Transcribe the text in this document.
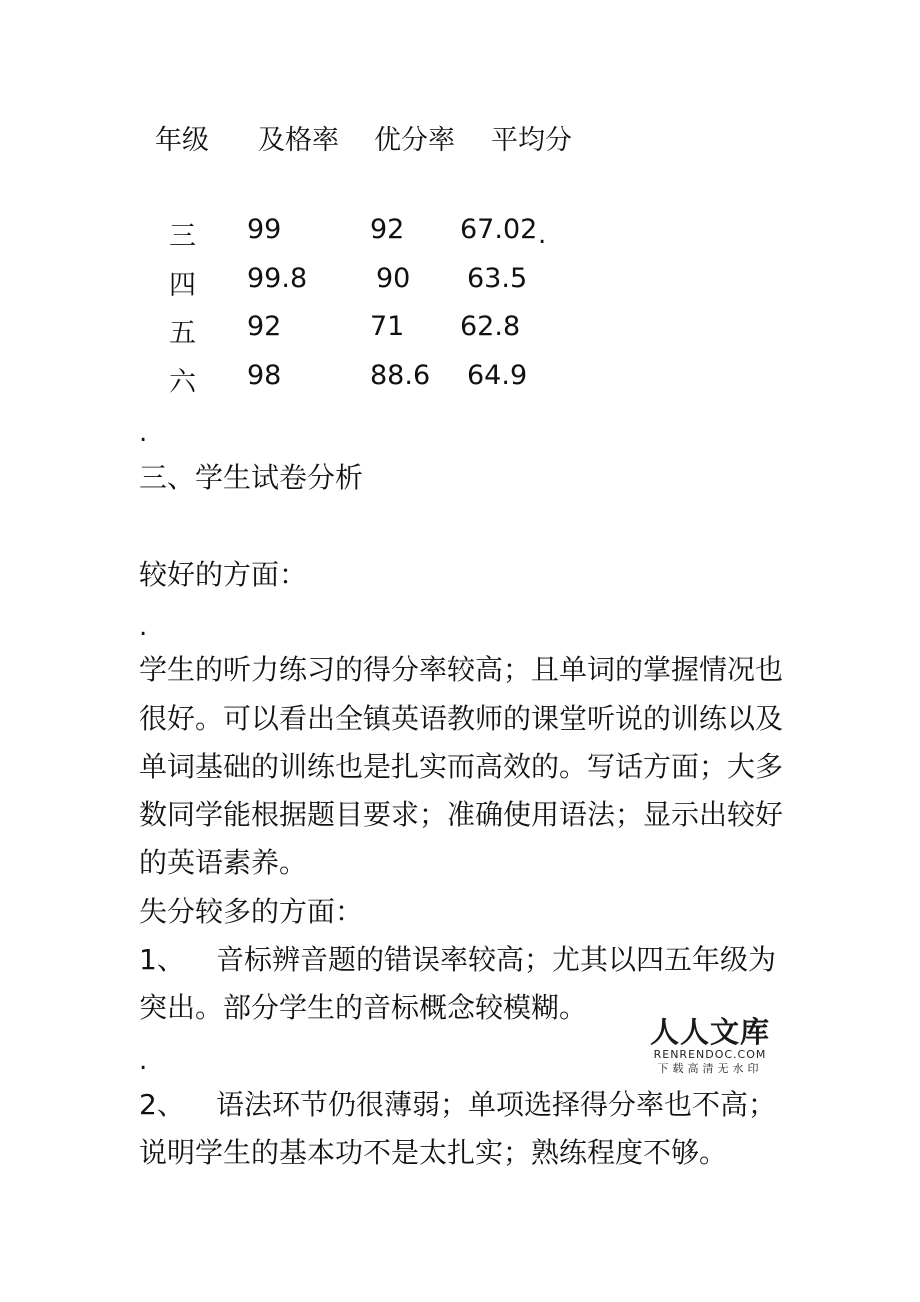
年级 及格率 优分率 平均分
三 99	92 67.02 .
四 99.8	90 63.5
五 92	71 62.8
六 98	88.6 64.9
.
三、学生试卷分析
较好的方面：
.
学生的听力练习的得分率较高；且单词的掌握情况也
很好。可以看出全镇英语教师的课堂听说的训练以及
单词基础的训练也是扎实而高效的。写话方面；大多
数同学能根据题目要求；准确使用语法；显示出较好
的英语素养。
失分较多的方面：
1、 音标辨音题的错误率较高；尤其以四五年级为
突出。部分学生的音标概念较模糊。
.
2、 语法环节仍很薄弱；单项选择得分率也不高；
说明学生的基本功不是太扎实；熟练程度不够。
人人文库
RENRENDOC.COM
下载高清无水印
